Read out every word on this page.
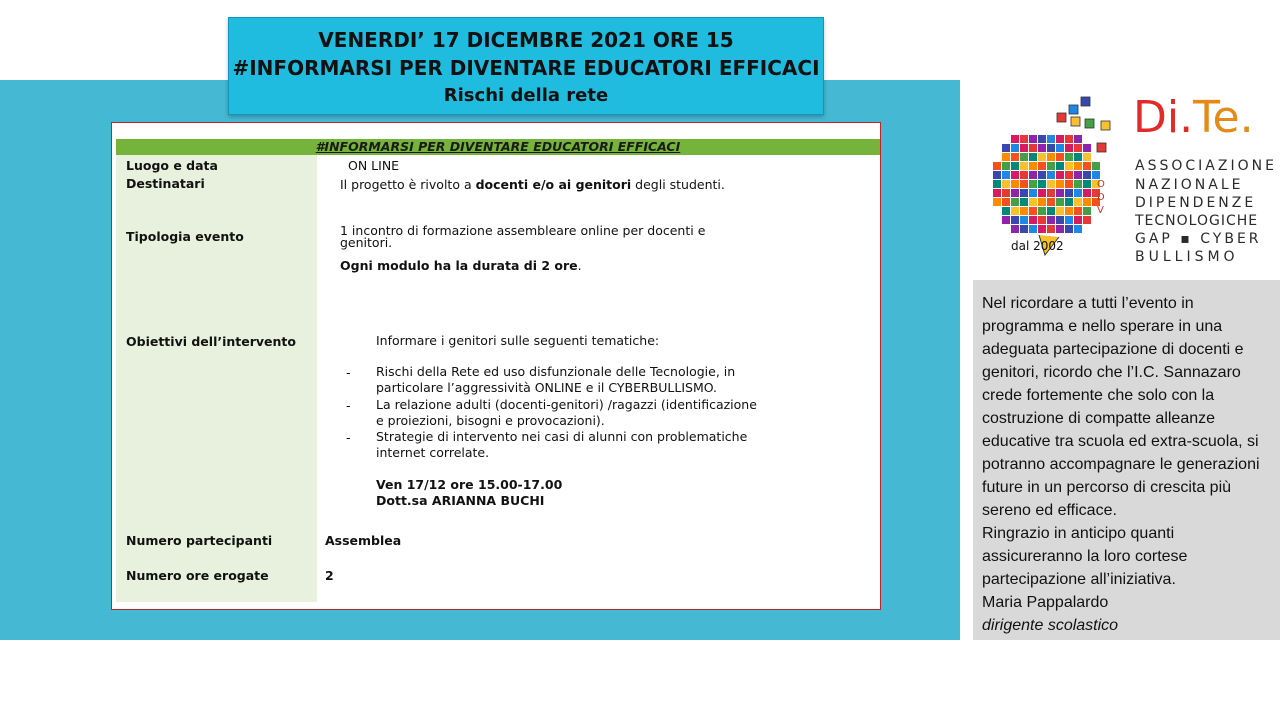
VENERDI’ 17 DICEMBRE 2021 ORE 15
#INFORMARSI PER DIVENTARE EDUCATORI EFFICACI
Rischi della rete
#INFORMARSI PER DIVENTARE EDUCATORI EFFICACI
Luogo e data	ON LINE
Destinatari	Il progetto è rivolto a docenti e/o ai genitori degli studenti.
Tipologia evento	1 incontro di formazione assembleare online per docenti e
genitori.
Ogni modulo ha la durata di 2 ore.
Obiettivi dell’intervento	Informare i genitori sulle seguenti tematiche:
- Rischi della Rete ed uso disfunzionale delle Tecnologie, in
particolare l’aggressività ONLINE e il CYBERBULLISMO.
- La relazione adulti (docenti-genitori) /ragazzi (identificazione
e proiezioni, bisogni e provocazioni).
- Strategie di intervento nei casi di alunni con problematiche
internet correlate.
Ven 17/12 ore 15.00-17.00
Dott.sa ARIANNA BUCHI
Numero partecipanti	Assemblea
Numero ore erogate	2
O D V
dal 2002
Di.Te.
ASSOCIAZIONE
NAZIONALE
DIPENDENZE
TECNOLOGICHE
GAP ▪ CYBER
BULLISMO

Nel ricordare a tutti l’evento in programma e nello sperare in una adeguata partecipazione di docenti e genitori, ricordo che l’I.C. Sannazaro crede fortemente che solo con la costruzione di compatte alleanze educative tra scuola ed extra-scuola, si potranno accompagnare le generazioni future in un percorso di crescita più sereno ed efficace.

Ringrazio in anticipo quanti assicureranno la loro cortese partecipazione all’iniziativa.

Maria Pappalardo

dirigente scolastico
